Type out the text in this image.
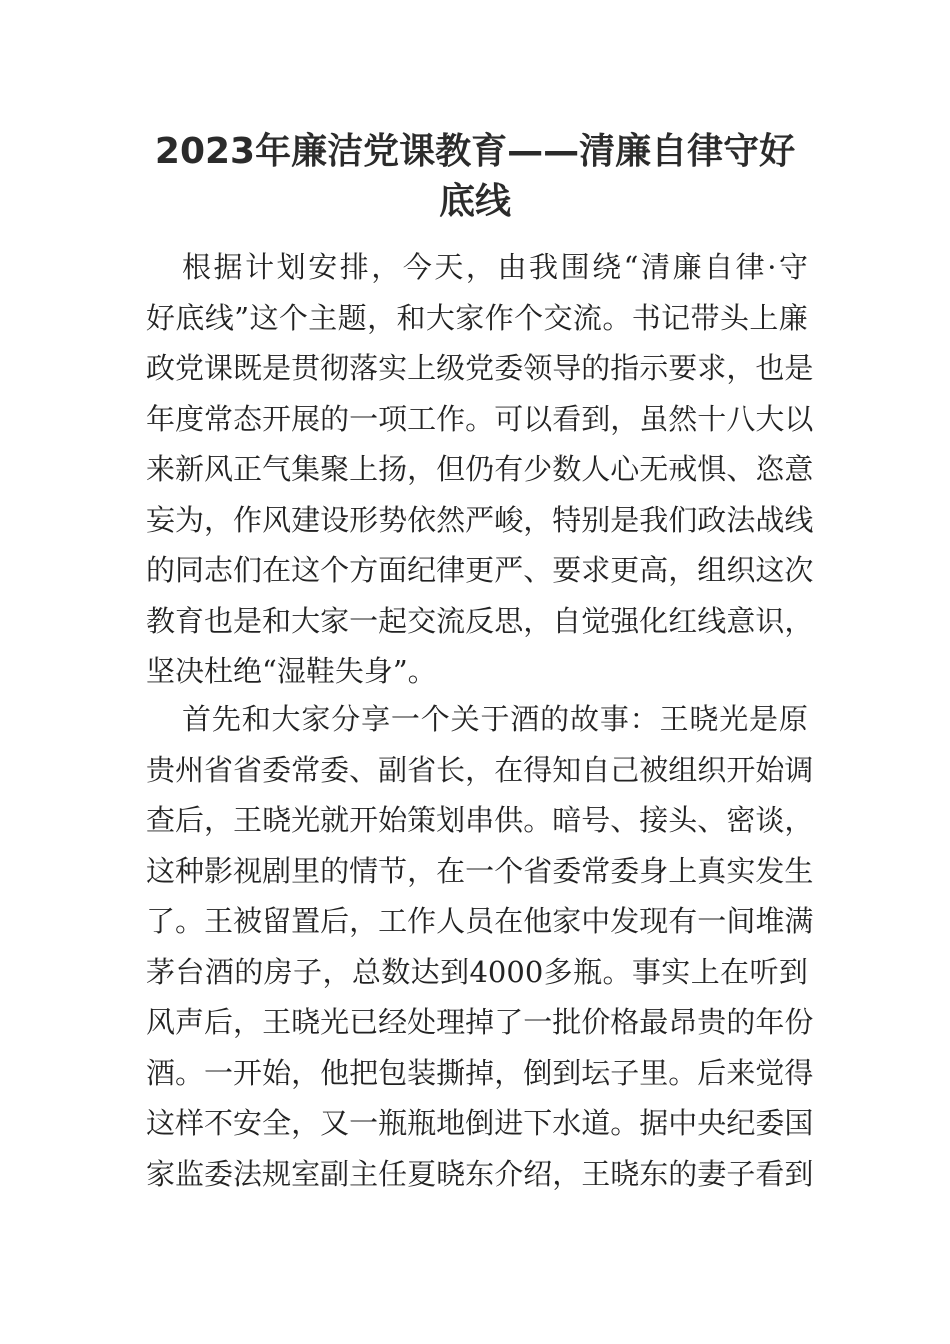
2023年廉洁党课教育——清廉自律守好
底线
根 据 计 划 安 排 ， 今 天 ， 由 我 围 绕 “ 清 廉 自 律 · 守
好 底 线 ” 这 个 主 题 ， 和 大 家 作 个 交 流 。 书 记 带 头 上 廉
政 党 课 既 是 贯 彻 落 实 上 级 党 委 领 导 的 指 示 要 求 ， 也 是
年 度 常 态 开 展 的 一 项 工 作 。 可 以 看 到 ， 虽 然 十 八 大 以
来 新 风 正 气 集 聚 上 扬 ， 但 仍 有 少 数 人 心 无 戒 惧 、 恣 意
妄 为 ， 作 风 建 设 形 势 依 然 严 峻 ， 特 别 是 我 们 政 法 战 线
的 同 志 们 在 这 个 方 面 纪 律 更 严 、 要 求 更 高 ， 组 织 这 次
教 育 也 是 和 大 家 一 起 交 流 反 思 ， 自 觉 强 化 红 线 意 识 ，
坚决杜绝“湿鞋失身”。
首 先 和 大 家 分 享 一 个 关 于 酒 的 故 事 ： 王 晓 光 是 原
贵 州 省 省 委 常 委 、 副 省 长 ， 在 得 知 自 己 被 组 织 开 始 调
查 后 ， 王 晓 光 就 开 始 策 划 串 供 。 暗 号 、 接 头 、 密 谈 ，
这 种 影 视 剧 里 的 情 节 ， 在 一 个 省 委 常 委 身 上 真 实 发 生
了 。 王 被 留 置 后 ， 工 作 人 员 在 他 家 中 发 现 有 一 间 堆 满
茅 台 酒 的 房 子 ， 总 数 达 到 4000 多 瓶 。 事 实 上 在 听 到
风 声 后 ， 王 晓 光 已 经 处 理 掉 了 一 批 价 格 最 昂 贵 的 年 份
酒 。 一 开 始 ， 他 把 包 装 撕 掉 ， 倒 到 坛 子 里 。 后 来 觉 得
这 样 不 安 全 ， 又 一 瓶 瓶 地 倒 进 下 水 道 。 据 中 央 纪 委 国
家 监 委 法 规 室 副 主 任 夏 晓 东 介 绍 ， 王 晓 东 的 妻 子 看 到
